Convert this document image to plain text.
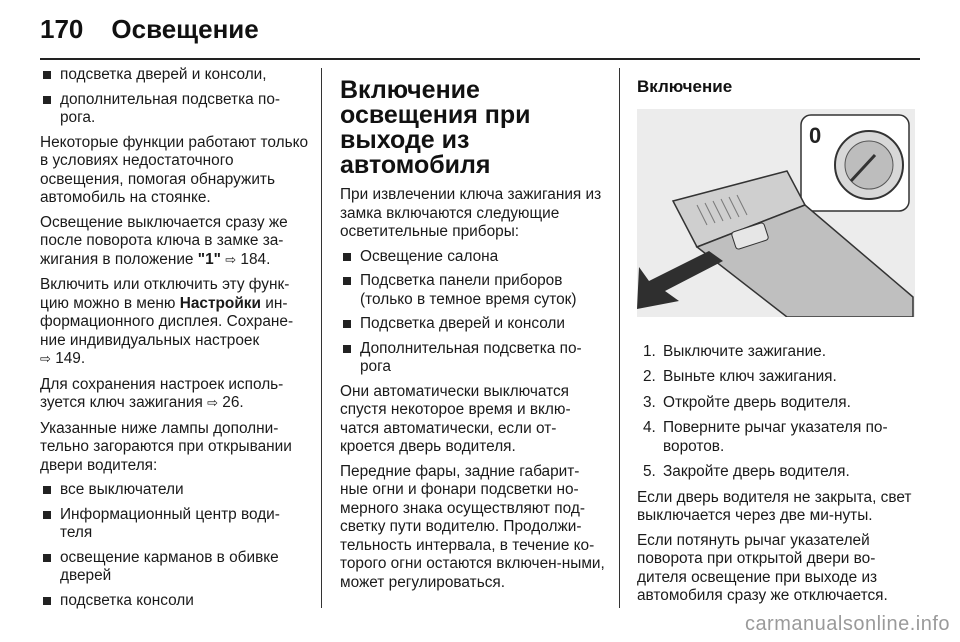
170 Освещение
подсветка дверей и консоли,
дополнительная подсветка по-рога.

Некоторые функции работают только в условиях недостаточного освещения, помогая обнаружить автомобиль на стоянке.

Освещение выключается сразу же после поворота ключа в замке за-жигания в положение "1" ⇨ 184.

Включить или отключить эту функ-цию можно в меню Настройки ин-формационного дисплея. Сохране-ние индивидуальных настроек
⇨ 149.

Для сохранения настроек исполь-зуется ключ зажигания ⇨ 26.

Указанные ниже лампы дополни-тельно загораются при открывании двери водителя:

все выключатели
Информационный центр води-теля
освещение карманов в обивке дверей
подсветка консоли
Включение освещения при выходе из автомобиля

При извлечении ключа зажигания из замка включаются следующие осветительные приборы:

Освещение салона
Подсветка панели приборов (только в темное время суток)
Подсветка дверей и консоли
Дополнительная подсветка по-рога

Они автоматически выключатся спустя некоторое время и вклю-чатся автоматически, если от-кроется дверь водителя.

Передние фары, задние габарит-ные огни и фонари подсветки но-мерного знака осуществляют под-светку пути водителю. Продолжи-тельность интервала, в течение ко-торого огни остаются включен-ными, может регулироваться.

Включение
0
1. Выключите зажигание.
2. Выньте ключ зажигания.
3. Откройте дверь водителя.
4. Поверните рычаг указателя по-воротов.
5. Закройте дверь водителя.

Если дверь водителя не закрыта, свет выключается через две ми-нуты.

Если потянуть рычаг указателей поворота при открытой двери во-дителя освещение при выходе из автомобиля сразу же отключается.

carmanualsonline.info
